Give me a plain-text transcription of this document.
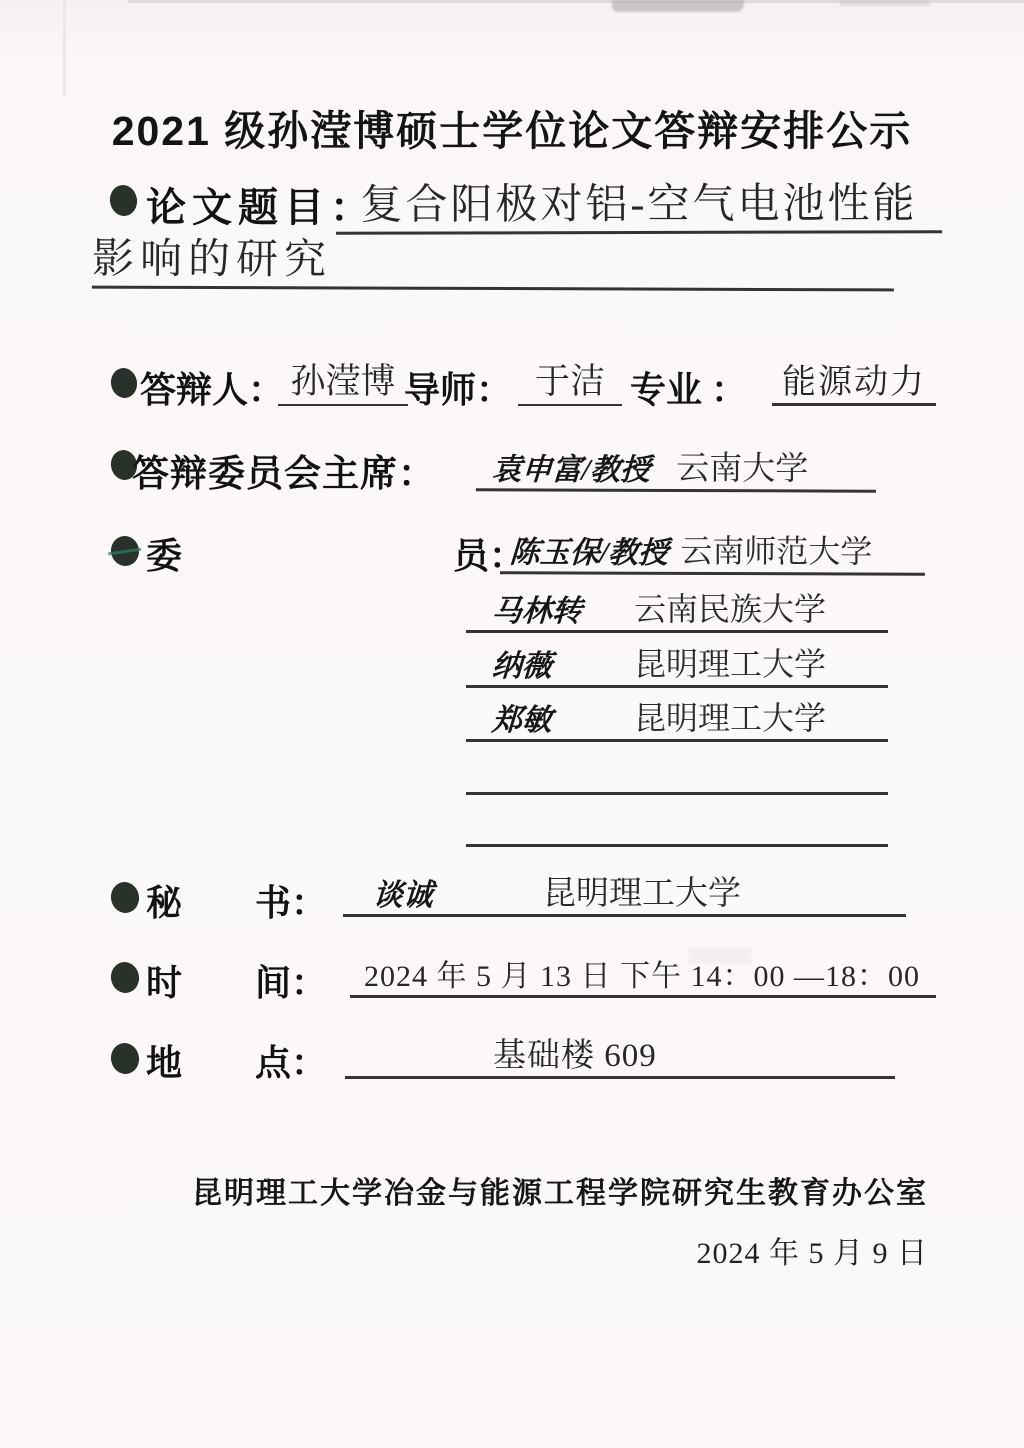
2021 级孙滢博硕士学位论文答辩安排公示
论文题目：
复合阳极对铝-空气电池性能
影响的研究
答辩人： 孙滢博 导师： 于洁 专业 ： 能源动力
答辩委员会主席： 袁申富/教授 云南大学
委	员：
陈玉保/教授 云南师范大学
马林转	云南民族大学
纳薇	昆明理工大学
郑敏	昆明理工大学
秘 书： 谈诚	昆明理工大学
时 间： 2024 年 5 月 13 日 下午 14：00 —18：00
地 点：	基础楼 609
昆明理工大学冶金与能源工程学院研究生教育办公室
2024 年 5 月 9 日
